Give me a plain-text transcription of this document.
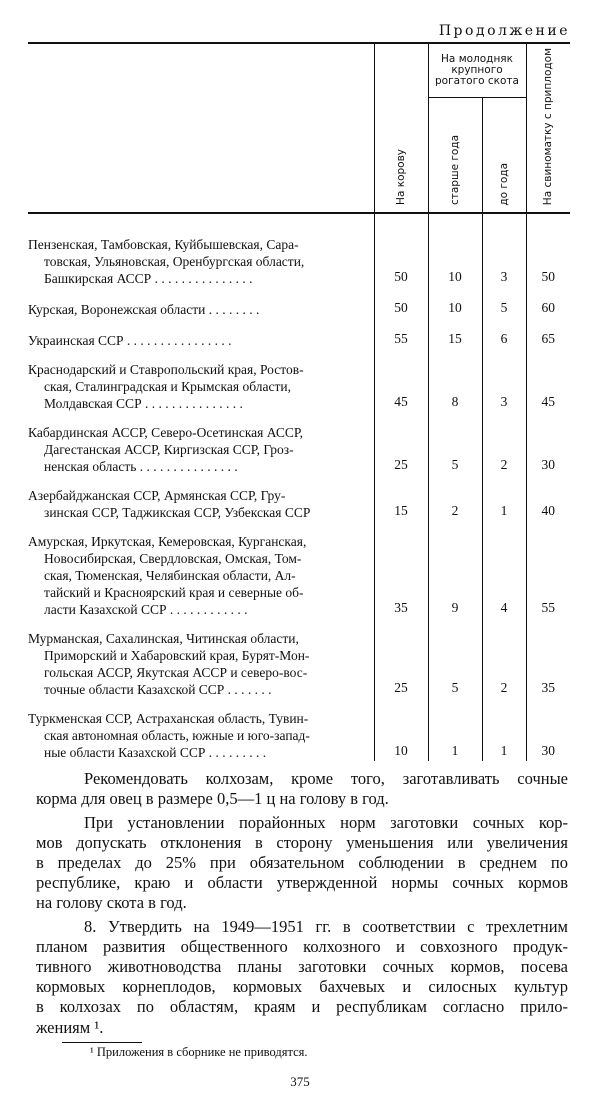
Продолжение
	На корову	На молодняк крупного рогатого скота		На свиноматку с приплодом
		старше года	до года	

Пензенская, Тамбовская, Куйбышевская, Сара-
товская, Ульяновская, Оренбургская области,
Башкирская АССР . . . . . . . . . . . . . . .	50	10	3	50

Курская, Воронежская области . . . . . . . .	50	10	5	60

Украинская ССР . . . . . . . . . . . . . . . .	55	15	6	65

Краснодарский и Ставропольский края, Ростов-
ская, Сталинградская и Крымская области,
Молдавская ССР . . . . . . . . . . . . . . .	45	8	3	45

Кабардинская АССР, Северо-Осетинская АССР,
Дагестанская АССР, Киргизская ССР, Гроз-
ненская область . . . . . . . . . . . . . . .	25	5	2	30

Азербайджанская ССР, Армянская ССР, Гру-
зинская ССР, Таджикская ССР, Узбекская ССР	15	2	1	40

Амурская, Иркутская, Кемеровская, Курганская,
Новосибирская, Свердловская, Омская, Том-
ская, Тюменская, Челябинская области, Ал-
тайский и Красноярский края и северные об-
ласти Казахской ССР . . . . . . . . . . . .	35	9	4	55

Мурманская, Сахалинская, Читинская области,
Приморский и Хабаровский края, Бурят-Мон-
гольская АССР, Якутская АССР и северо-вос-
точные области Казахской ССР . . . . . . .	25	5	2	35

Туркменская ССР, Астраханская область, Тувин-
ская автономная область, южные и юго-запад-
ные области Казахской ССР . . . . . . . . .	10	1	1	30
Рекомендовать колхозам, кроме того, заготавливать сочные
корма для овец в размере 0,5—1 ц на голову в год.
При установлении порайонных норм заготовки сочных кор-
мов допускать отклонения в сторону уменьшения или увеличения
в пределах до 25% при обязательном соблюдении в среднем по
республике, краю и области утвержденной нормы сочных кормов
на голову скота в год.
8. Утвердить на 1949—1951 гг. в соответствии с трехлетним
планом развития общественного колхозного и совхозного продук-
тивного животноводства планы заготовки сочных кормов, посева
кормовых корнеплодов, кормовых бахчевых и силосных культур
в колхозах по областям, краям и республикам согласно прило-
жениям ¹.
¹ Приложения в сборнике не приводятся.
375
